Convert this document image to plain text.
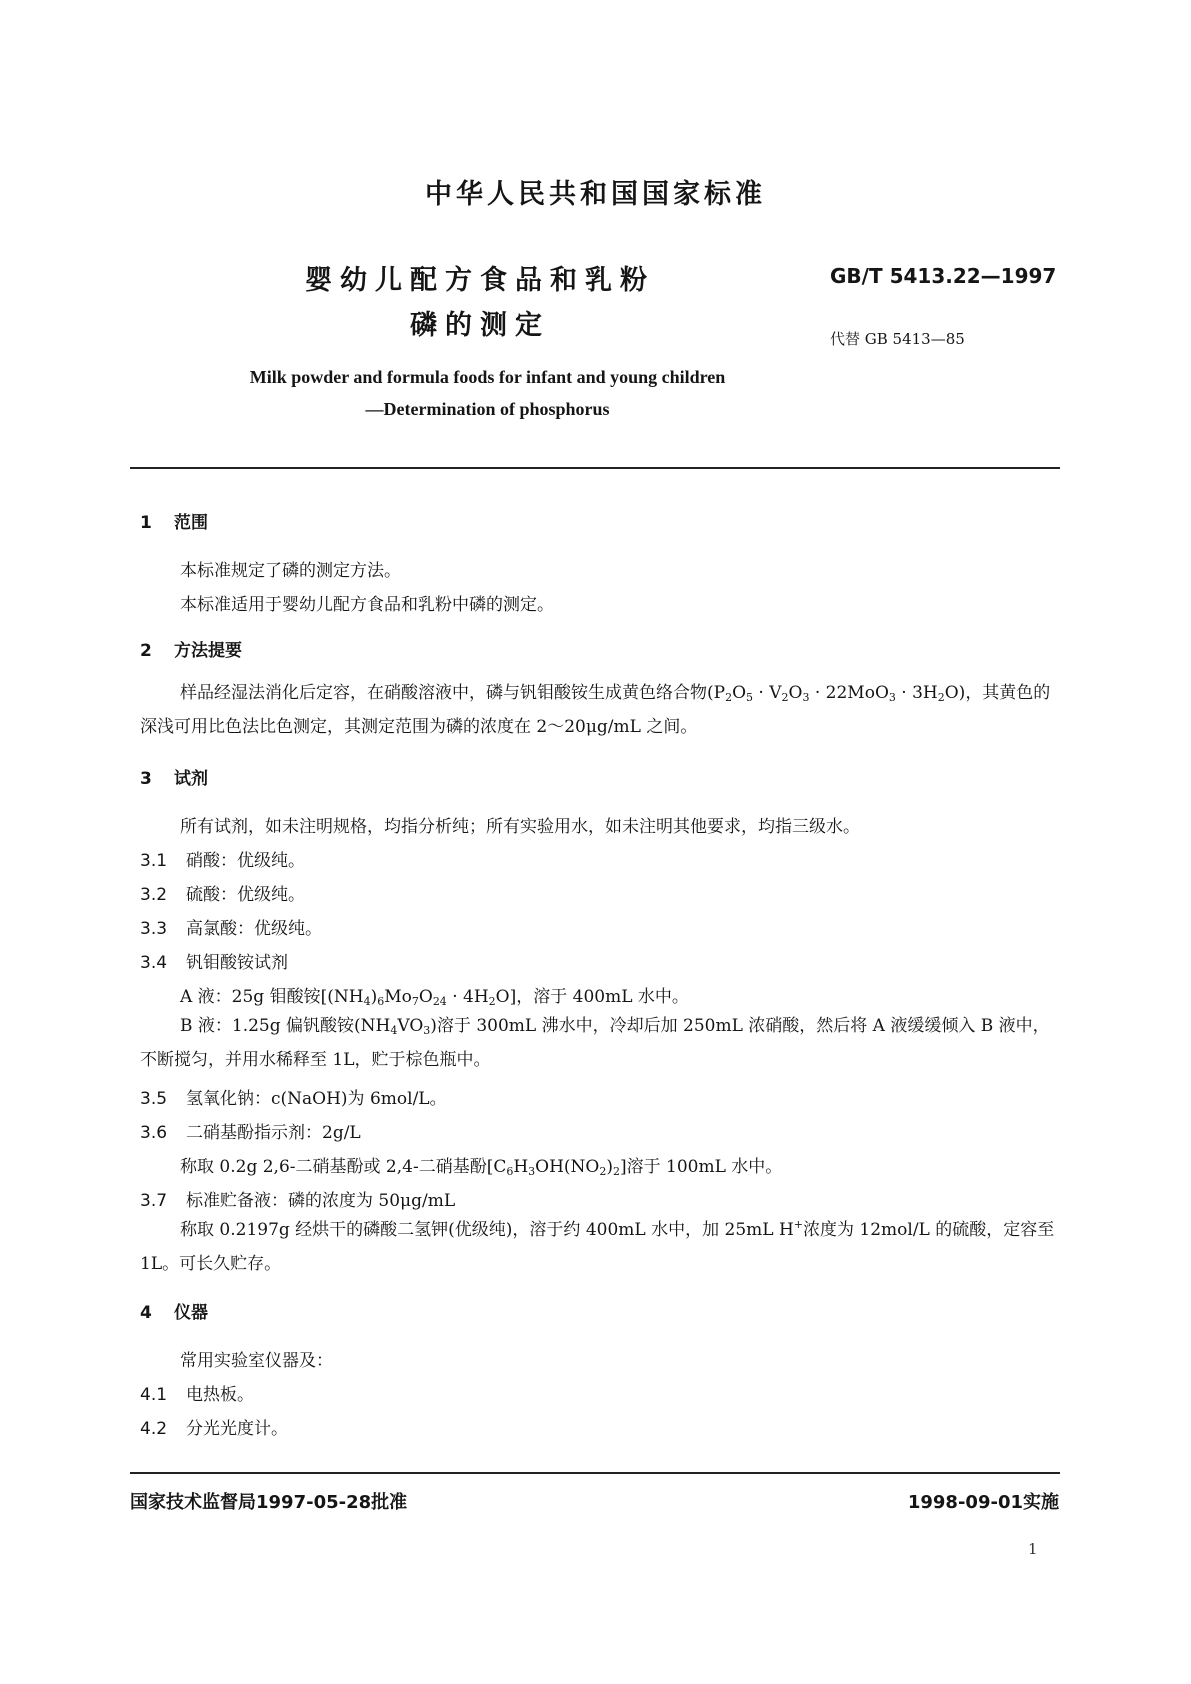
中华人民共和国国家标准
婴幼儿配方食品和乳粉
磷的测定
GB/T 5413.22—1997
代替 GB 5413—85
Milk powder and formula foods for infant and young children
—Determination of phosphorus
1 范围
本标准规定了磷的测定方法。
本标准适用于婴幼儿配方食品和乳粉中磷的测定。
2 方法提要
样品经湿法消化后定容，在硝酸溶液中，磷与钒钼酸铵生成黄色络合物$(P_2O_5 \cdot V_2O_3 \cdot 22MoO_3 \cdot 3H_2O)$，其黄色的深浅可用比色法比色测定，其测定范围为磷的浓度在 2～20μg/mL 之间。
3 试剂
所有试剂，如未注明规格，均指分析纯；所有实验用水，如未注明其他要求，均指三级水。
3.1 硝酸：优级纯。
3.2 硫酸：优级纯。
3.3 高氯酸：优级纯。
3.4 钒钼酸铵试剂
A 液：25g 钼酸铵$[(NH_4)_6Mo_7O_{24} \cdot 4H_2O]$，溶于 400mL 水中。
B 液：1.25g 偏钒酸铵$(NH_4VO_3)$溶于 300mL 沸水中，冷却后加 250mL 浓硝酸，然后将 A 液缓缓倾入 B 液中，不断搅匀，并用水稀释至 1L，贮于棕色瓶中。
3.5 氢氧化钠：c(NaOH)为 6mol/L。
3.6 二硝基酚指示剂：2g/L
称取 0.2g 2,6-二硝基酚或 2,4-二硝基酚$[C_6H_3OH(NO_2)_2]$溶于 100mL 水中。
3.7 标准贮备液：磷的浓度为 50μg/mL
称取 0.2197g 经烘干的磷酸二氢钾(优级纯)，溶于约 400mL 水中，加 25mL H+浓度为 12mol/L 的硫酸，定容至 1L。可长久贮存。
4 仪器
常用实验室仪器及：
4.1 电热板。
4.2 分光光度计。
国家技术监督局1997-05-28批准	1998-09-01实施
1
